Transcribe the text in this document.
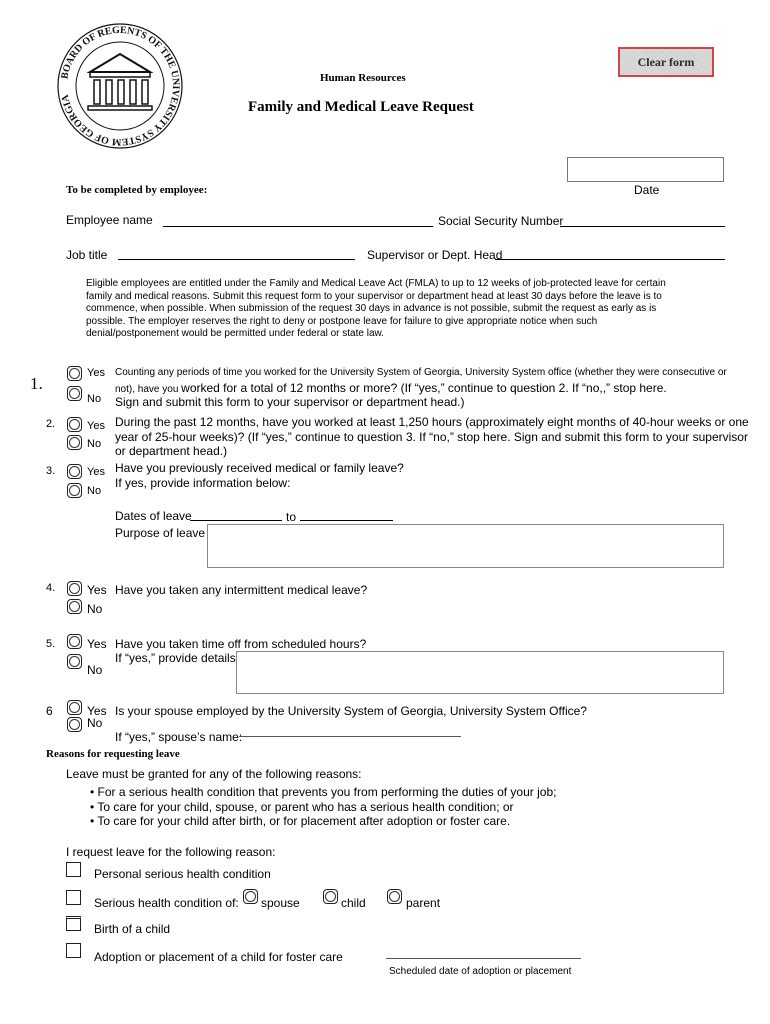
BOARD OF REGENTS OF THE UNIVERSITY SYSTEM OF GEORGIA
Human Resources
Family and Medical Leave Request
Clear form
Date
To be completed by employee:
Employee name	Social Security Number
Job title	Supervisor or Dept. Head
Eligible employees are entitled under the Family and Medical Leave Act (FMLA) to up to 12 weeks of job-protected leave for certain family and medical reasons. Submit this request form to your supervisor or department head at least 30 days before the leave is to commence, when possible. When submission of the request 30 days in advance is not possible, submit the request as early as is possible. The employer reserves the right to deny or postpone leave for failure to give appropriate notice when such denial/postponement would be permitted under federal or state law.
1.
Yes
No
Counting any periods of time you worked for the University System of Georgia, University System office (whether they were consecutive or
not), have you worked for a total of 12 months or more? (If “yes,” continue to question 2. If “no,,” stop here.
Sign and submit this form to your supervisor or department head.)
2.	Yes
No
During the past 12 months, have you worked at least 1,250 hours (approximately eight months of 40-hour weeks or one
year of 25-hour weeks)? (If “yes,” continue to question 3. If “no,” stop here. Sign and submit this form to your supervisor
or department head.)
3.	Yes
No
Have you previously received medical or family leave?
If yes, provide information below:
Dates of leave	to
Purpose of leave
4.	Yes Have you taken any intermittent medical leave?
No
5.	Yes Have you taken time off from scheduled hours?
If “yes,” provide details
No
6	Yes Is your spouse employed by the University System of Georgia, University System Office?
No
If “yes,” spouse’s name:
Reasons for requesting leave
Leave must be granted for any of the following reasons:
• For a serious health condition that prevents you from performing the duties of your job;
• To care for your child, spouse, or parent who has a serious health condition; or
• To care for your child after birth, or for placement after adoption or foster care.
I request leave for the following reason:
Personal serious health condition
Serious health condition of: spouse	child	parent
Birth of a child
Adoption or placement of a child for foster care
Scheduled date of adoption or placement
